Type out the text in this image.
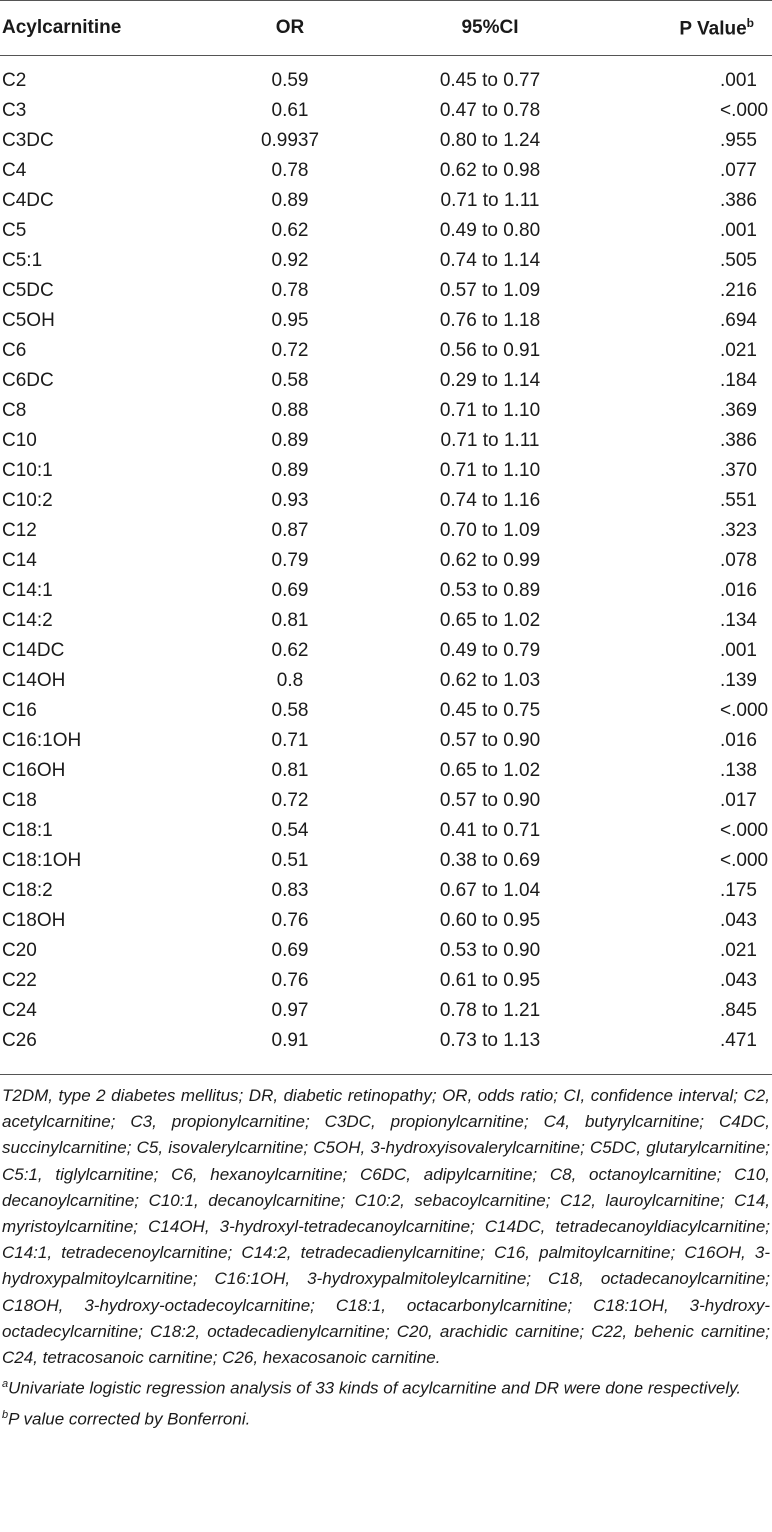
Acylcarnitine	OR	95%CI	P Value$^b$
C2	0.59	0.45 to 0.77	.001
C3	0.61	0.47 to 0.78	<.000
C3DC	0.9937	0.80 to 1.24	.955
C4	0.78	0.62 to 0.98	.077
C4DC	0.89	0.71 to 1.11	.386
C5	0.62	0.49 to 0.80	.001
C5:1	0.92	0.74 to 1.14	.505
C5DC	0.78	0.57 to 1.09	.216
C5OH	0.95	0.76 to 1.18	.694
C6	0.72	0.56 to 0.91	.021
C6DC	0.58	0.29 to 1.14	.184
C8	0.88	0.71 to 1.10	.369
C10	0.89	0.71 to 1.11	.386
C10:1	0.89	0.71 to 1.10	.370
C10:2	0.93	0.74 to 1.16	.551
C12	0.87	0.70 to 1.09	.323
C14	0.79	0.62 to 0.99	.078
C14:1	0.69	0.53 to 0.89	.016
C14:2	0.81	0.65 to 1.02	.134
C14DC	0.62	0.49 to 0.79	.001
C14OH	0.8	0.62 to 1.03	.139
C16	0.58	0.45 to 0.75	<.000
C16:1OH	0.71	0.57 to 0.90	.016
C16OH	0.81	0.65 to 1.02	.138
C18	0.72	0.57 to 0.90	.017
C18:1	0.54	0.41 to 0.71	<.000
C18:1OH	0.51	0.38 to 0.69	<.000
C18:2	0.83	0.67 to 1.04	.175
C18OH	0.76	0.60 to 0.95	.043
C20	0.69	0.53 to 0.90	.021
C22	0.76	0.61 to 0.95	.043
C24	0.97	0.78 to 1.21	.845
C26	0.91	0.73 to 1.13	.471

T2DM, type 2 diabetes mellitus; DR, diabetic retinopathy; OR, odds ratio; CI, confidence interval; C2, acetylcarnitine; C3, propionylcarnitine; C3DC, propionylcarnitine; C4, butyrylcarnitine; C4DC, succinylcarnitine; C5, isovalerylcarnitine; C5OH, 3-hydroxyisovalerylcarnitine; C5DC, glutarylcarnitine; C5:1, tiglylcarnitine; C6, hexanoylcarnitine; C6DC, adipylcarnitine; C8, octanoylcarnitine; C10, decanoylcarnitine; C10:1, decanoylcarnitine; C10:2, sebacoylcarnitine; C12, lauroylcarnitine; C14, myristoylcarnitine; C14OH, 3-hydroxyl-tetradecanoylcarnitine; C14DC, tetradecanoyldiacylcarnitine; C14:1, tetradecenoylcarnitine; C14:2, tetradecadienylcarnitine; C16, palmitoylcarnitine; C16OH, 3-hydroxypalmitoylcarnitine; C16:1OH, 3-hydroxypalmitoleylcarnitine; C18, octadecanoylcarnitine; C18OH, 3-hydroxy-octadecoylcarnitine; C18:1, octacarbonylcarnitine; C18:1OH, 3-hydroxy-octadecylcarnitine; C18:2, octadecadienylcarnitine; C20, arachidic carnitine; C22, behenic carnitine; C24, tetracosanoic carnitine; C26, hexacosanoic carnitine.

$^a$Univariate logistic regression analysis of 33 kinds of acylcarnitine and DR were done respectively.

$^b$P value corrected by Bonferroni.
